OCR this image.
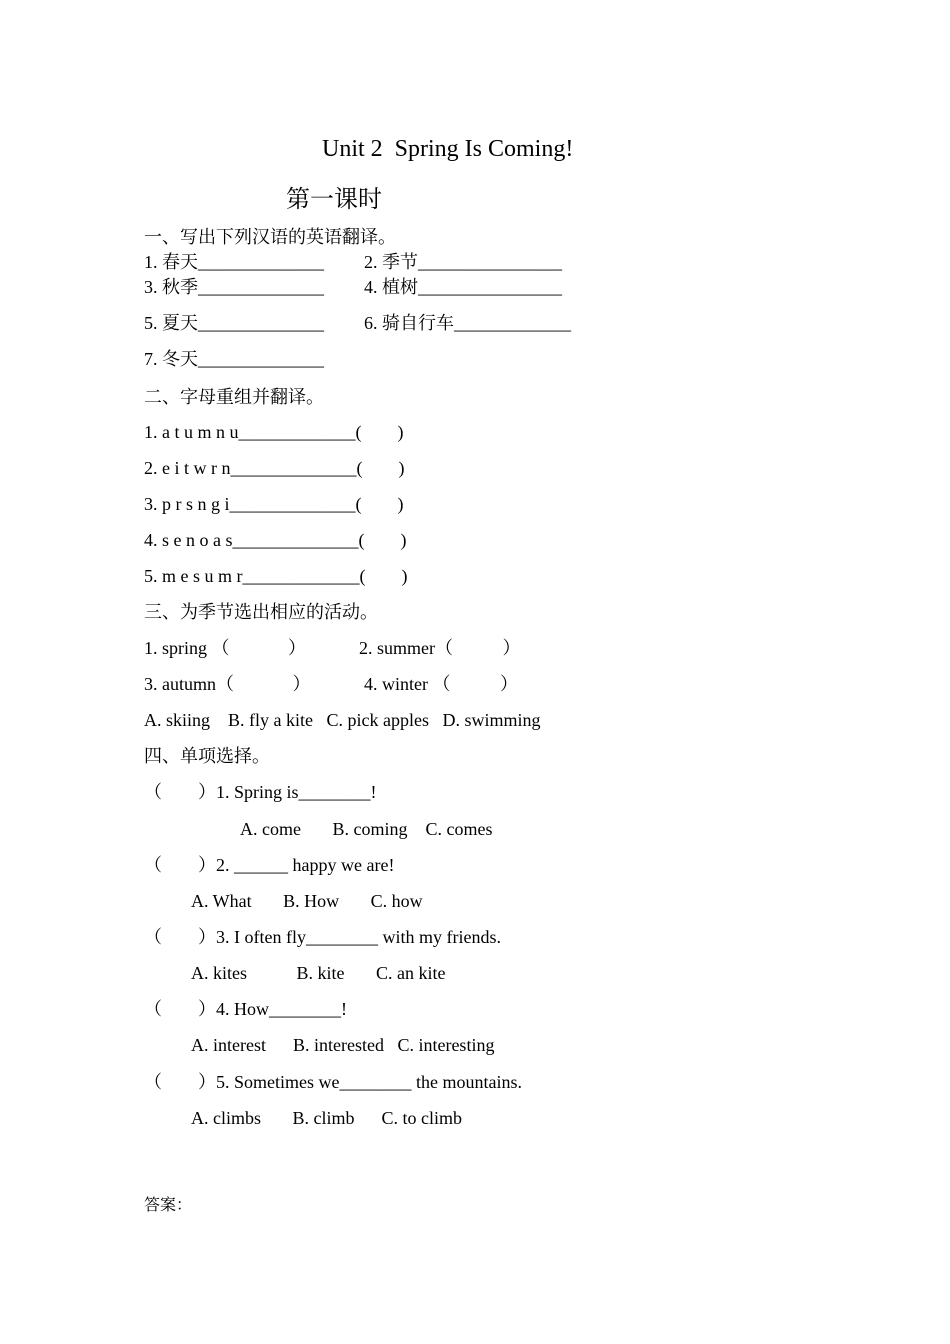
Unit 2  Spring Is Coming!
第一课时
一、写出下列汉语的英语翻译。
1. 春天______________ 2. 季节________________
3. 秋季______________ 4. 植树________________
5. 夏天______________ 6. 骑自行车_____________
7. 冬天______________
二、字母重组并翻译。
1. a t u m n u_____________(        )
2. e i t w r n______________(        )
3. p r s n g i______________(        )
4. s e n o a s______________(        )
5. m e s u m r_____________(        )
三、为季节选出相应的活动。
1. spring （             ）	2. summer（           ）
3. autumn（             ）	4. winter （           ）
A. skiing    B. fly a kite   C. pick apples   D. swimming
四、单项选择。
（        ）1. Spring is________!
A. come       B. coming    C. comes
（        ）2. ______ happy we are!
A. What       B. How       C. how
（        ）3. I often fly________ with my friends.
A. kites           B. kite       C. an kite
（        ）4. How________!
A. interest      B. interested   C. interesting
（        ）5. Sometimes we________ the mountains.
A. climbs       B. climb      C. to climb
答案：
